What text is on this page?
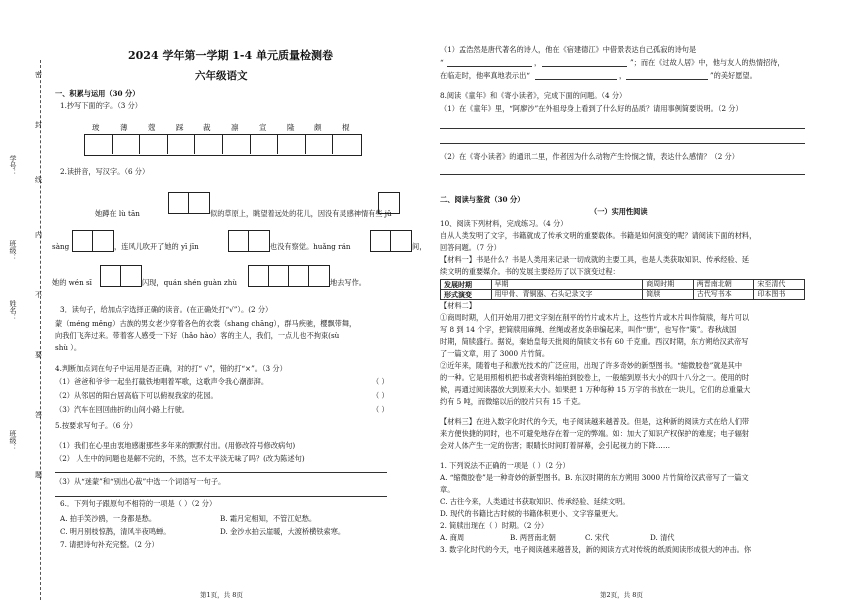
学号：
班级：
姓名：
班级：
密
封
线
内
不
要
答
题
2024 学年第一学期 1-4 单元质量检测卷
六年级语文
一、积累与运用（30 分）
1.抄写下面的字。（3 分）
玻	薄	蔻	踩	裁	凛	宣	隆	颇	棍
2.读拼音，写汉字。（6 分）
她蹲在 lù tān	似的草原上，眺望着远处的花儿，因没有灵感神情有些 jǔ
sàng	，连风儿吹开了她的 yī jīn	也没有察觉。huǎng rán	间，
她的 wén sī	闪现，quán shén guàn zhù	地去写作。
3．读句子，给加点字选择正确的读音。(在正确处打“√”）。(2 分）
蒙（méng měng）古族的男女老少穿着各色的衣裳（shang chāng），群马疾驰，樱飘带舞，
向我们飞奔过来。带着客人感受一下好（hǎo hào）客的主人，我们，一点儿也不拘束(sù
shù ）。
4.判断加点词在句子中运用是否正确，对的打“ √”，错的打“×”。（3 分）
（1）爸爸和爷爷一起坐打截铁地唱着军歌，这歌声令我心潮澎湃。	（ ）
（2）从邻居的阳台居高临下可以俯视我家的花园。	（ ）
（3）汽车在回回曲折的山间小路上行驶。	（ ）
5.按要求写句子。（6 分）
（1）我们在心里由衷地感谢那些多年来的默默付出。(用修改符号修改病句)
（2） 人生中的问题也是解不完的，不然，岂不太平淡无味了吗？(改为陈述句)
（3）从“迷蒙”和“别出心裁”中选一个词语写一句子。
6.．下列句子跟原句不相符的一项是（ ）（2 分）
A. 拍手笑沙鸥，一身都是愁。	B. 霜月定相知，不管江妃愁。
C. 明月别枝惊鹊，清风半夜鸣蝉。	D. 金沙水拍云崖暖，大渡桥横铁索寒。
7. 请把诗句补充完整。（2 分）
第1页，共 8页
（1）孟浩然是唐代著名的诗人，他在《宿建德江》中借景表达自己孤寂的诗句是
“	，	”；而在《过故人居》中，他与友人的热情招待，
在临走时，他率真地表示出“	，	”的美好愿望。
8.阅读《童年》和《寄小读者》，完成下面的问题。（4 分）
（1）在《童年》里，“阿廖沙”在外祖母身上看到了什么好的品质？请用事例简要说明。（2 分）
（2）在《寄小读者》的通讯二里，作者因为什么动物产生怜悯之情，表达什么感情？（2 分）
二、阅读与鉴赏（30 分）
（一）实用性阅读
10、阅读下列材料，完成练习。（4 分）
自从人类发明了文字，书籍就成了传承文明的重要载体。书籍是如何演变的呢？请阅读下面的材料，
回答问题。（7 分）
【材料一】书是什么？书是人类用来记录一切成就的主要工具，也是人类获取知识、传承经验、延
续文明的重要媒介。书的发展主要经历了以下演变过程：
发展时期	早期	商周时期	两晋南北朝	宋至清代
形式演变	用甲骨、青铜器、石头记录文字	简牍	古代写书本	印本图书
【材料二】
①商周时期，人们开始用刀把文字刻在削平的竹片或木片上，这些竹片或木片叫作简牍，每片可以
写 8 到 14 个字，把简牍用麻绳、丝绳或者皮条串编起来，叫作“册”，也写作“策”。春秋战国
时期，简牍盛行。据说，秦始皇每天批阅的简牍文书有 60 千克重。西汉时期，东方朔给汉武帝写
了一篇文章，用了 3000 片竹简。
②近年来，随着电子和激光技术的广泛应用，出现了许多奇妙的新型图书。“缩微胶卷”就是其中
的一种。它是用照相机把书或者资料缩拍到胶卷上，一般缩到原书大小的四十八分之一。使用的时
候，再通过阅读器放大到原来大小。如果把 1 万种每种 15 万字的书放在一块儿，它们的总重量大
约有 5 吨，而微缩以后的胶片只有 15 千克。
【材料三】在进入数字化时代的今天，电子阅读越来越普及。但是，这种新的阅读方式在给人们带
来方便快捷的同时，也不可避免地存在着一定的弊端。如：加大了知识产权保护的难度；电子辐射
会对人体产生一定的伤害；眼睛长时间盯着屏幕，会引起视力的下降……
1. 下列说法不正确的一项是（ ）（2 分）
A. “缩微胶卷”是一种奇妙的新型图书。B. 东汉时期的东方朔用 3000 片竹简给汉武帝写了一篇文
章。
C. 古往今来，人类通过书获取知识、传承经验、延续文明。
D. 现代的书籍比古时候的书籍体积更小、文字容量更大。
2. 简牍出现在（ ）时期。（2 分）
A. 商周	B. 两晋南北朝	C. 宋代	D. 清代
3. 数字化时代的今天，电子阅读越来越普及，新的阅读方式对传统的纸质阅读形成很大的冲击。你
第2页，共 8页
